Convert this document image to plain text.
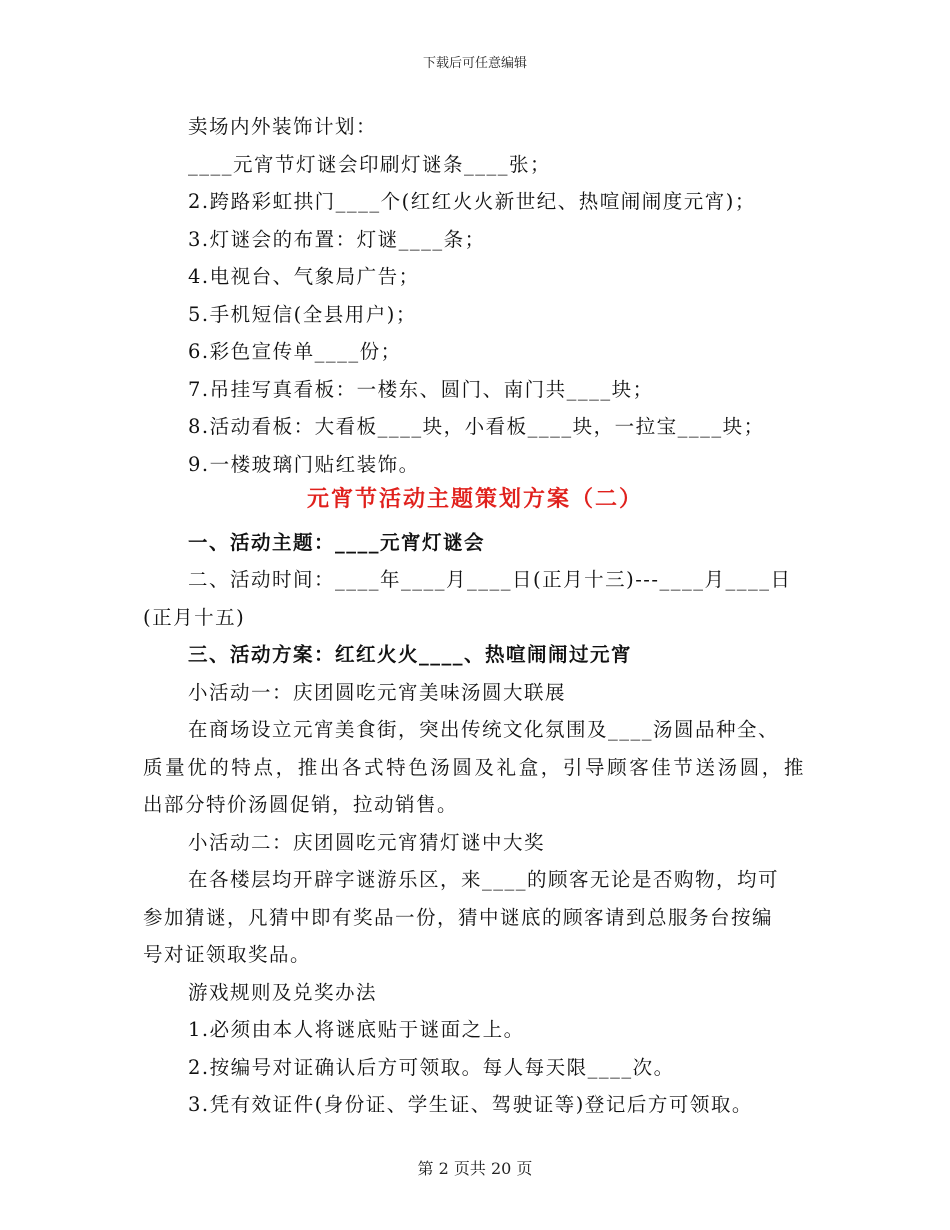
下载后可任意编辑
卖场内外装饰计划：
____元宵节灯谜会印刷灯谜条____张；
2.跨路彩虹拱门____个(红红火火新世纪、热喧闹闹度元宵)；
3.灯谜会的布置：灯谜____条；
4.电视台、气象局广告；
5.手机短信(全县用户)；
6.彩色宣传单____份；
7.吊挂写真看板：一楼东、圆门、南门共____块；
8.活动看板：大看板____块，小看板____块，一拉宝____块；
9.一楼玻璃门贴红装饰。
元宵节活动主题策划方案（二）
一、活动主题：____元宵灯谜会
二、活动时间：____年____月____日(正月十三)---____月____日
(正月十五)
三、活动方案：红红火火____、热喧闹闹过元宵
小活动一：庆团圆吃元宵美味汤圆大联展
在商场设立元宵美食街，突出传统文化氛围及____汤圆品种全、
质量优的特点，推出各式特色汤圆及礼盒，引导顾客佳节送汤圆，推
出部分特价汤圆促销，拉动销售。
小活动二：庆团圆吃元宵猜灯谜中大奖
在各楼层均开辟字谜游乐区，来____的顾客无论是否购物，均可
参加猜谜，凡猜中即有奖品一份，猜中谜底的顾客请到总服务台按编
号对证领取奖品。
游戏规则及兑奖办法
1.必须由本人将谜底贴于谜面之上。
2.按编号对证确认后方可领取。每人每天限____次。
3.凭有效证件(身份证、学生证、驾驶证等)登记后方可领取。
第 2 页共 20 页
